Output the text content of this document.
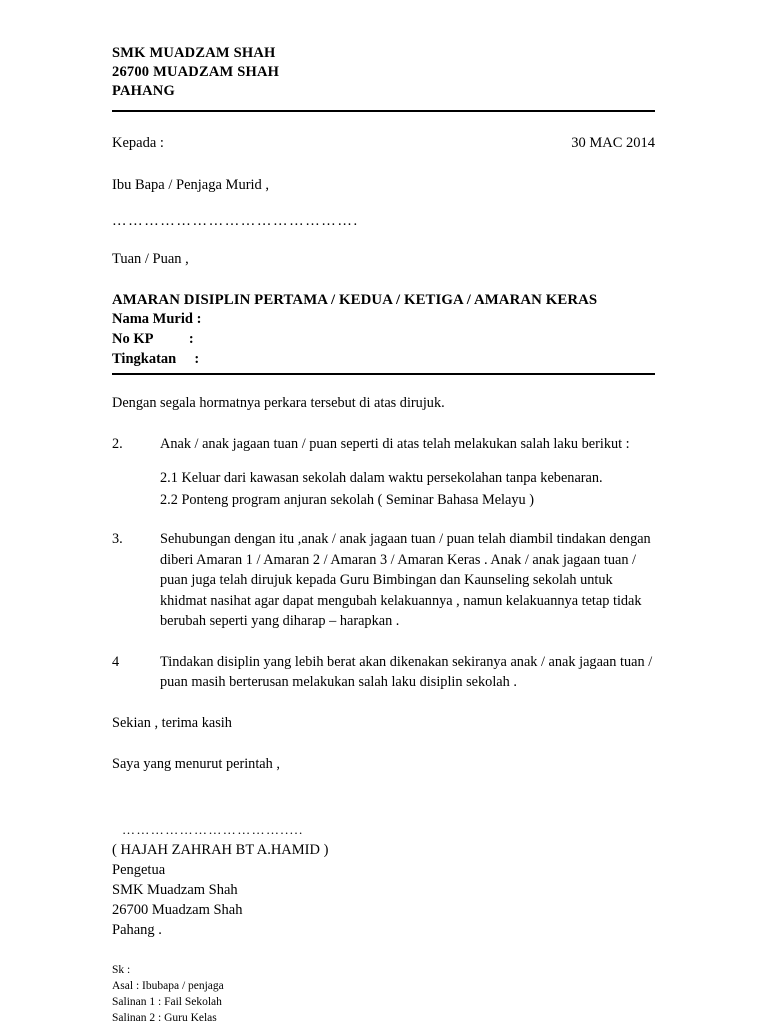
SMK MUADZAM SHAH
26700 MUADZAM SHAH
PAHANG
Kepada :	30 MAC 2014
Ibu Bapa / Penjaga Murid ,
……………………………………….
Tuan / Puan ,
AMARAN DISIPLIN PERTAMA / KEDUA / KETIGA / AMARAN KERAS
Nama Murid :
No KP          :
Tingkatan     :
Dengan segala hormatnya perkara tersebut di atas dirujuk.
2.	Anak / anak jagaan tuan / puan seperti di atas telah melakukan salah laku berikut :
2.1 Keluar dari kawasan sekolah dalam waktu persekolahan tanpa kebenaran.
2.2 Ponteng program anjuran sekolah ( Seminar Bahasa Melayu )
3.	Sehubungan dengan itu ,anak / anak jagaan tuan / puan telah diambil tindakan dengan diberi Amaran 1 / Amaran 2 / Amaran 3 / Amaran Keras . Anak / anak jagaan tuan / puan juga telah dirujuk kepada Guru Bimbingan dan Kaunseling sekolah untuk khidmat nasihat agar dapat mengubah kelakuannya , namun kelakuannya tetap tidak berubah seperti yang diharap – harapkan .
4	Tindakan disiplin yang lebih berat akan dikenakan sekiranya anak / anak jagaan tuan / puan masih berterusan melakukan salah laku disiplin sekolah .
Sekian , terima kasih
Saya yang menurut perintah ,
…………………………….....
( HAJAH ZAHRAH BT A.HAMID )
Pengetua
SMK Muadzam Shah
26700 Muadzam Shah
Pahang .
Sk :
Asal : Ibubapa / penjaga
Salinan 1 : Fail Sekolah
Salinan 2 : Guru Kelas
